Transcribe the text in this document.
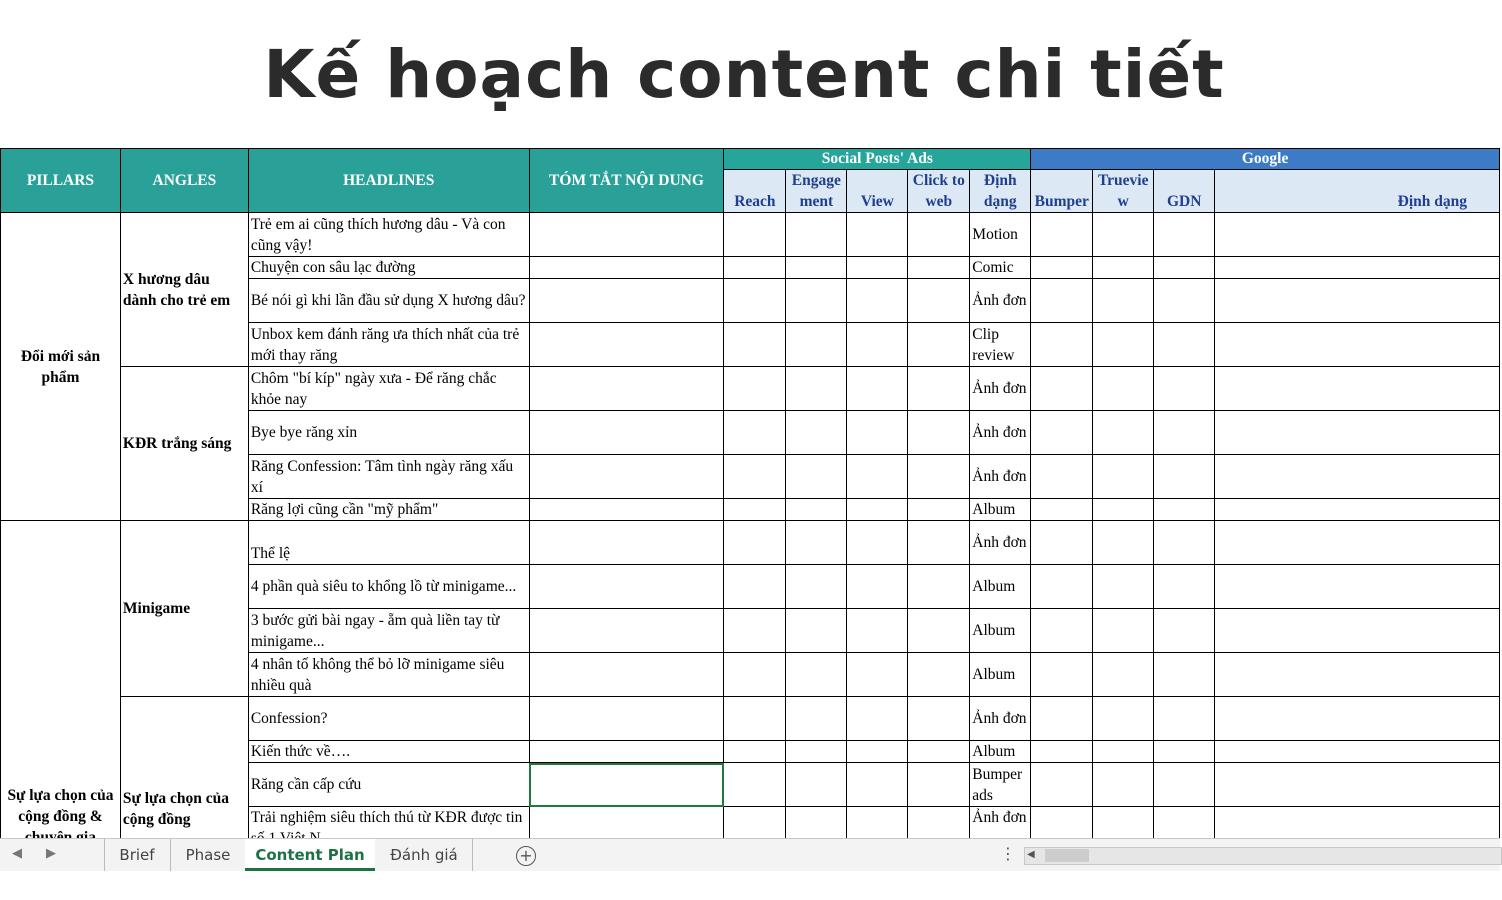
Kế hoạch content chi tiết
PILLARS	ANGLES	HEADLINES	TÓM TẮT NỘI DUNG	Social Posts' Ads					Google			
				Reach	Engage ment	View	Click to web	Định dạng	Bumper	Truevie w	GDN	Định dạng
Đổi mới sản phẩm	X hương dâu dành cho trẻ em	Trẻ em ai cũng thích hương dâu - Và con cũng vậy!						Motion				
		Chuyện con sâu lạc đường						Comic				
		Bé nói gì khi lần đầu sử dụng X hương dâu?						Ảnh đơn				
		Unbox kem đánh răng ưa thích nhất của trẻ mới thay răng						Clip review				
	KĐR trắng sáng	Chôm "bí kíp" ngày xưa - Để răng chắc khỏe nay						Ảnh đơn				
		Bye bye răng xỉn						Ảnh đơn				
		Răng Confession: Tâm tình ngày răng xấu xí						Ảnh đơn				
		Răng lợi cũng cần "mỹ phẩm"						Album				
Sự lựa chọn của cộng đồng &	Minigame	Thể lệ						Ảnh đơn				
		4 phần quà siêu to khổng lồ từ minigame...						Album				
		3 bước gửi bài ngay - ẵm quà liền tay từ minigame...						Album				
		4 nhân tố không thể bỏ lỡ minigame siêu nhiều quà						Album				
	Sự lựa chọn của cộng đồng	Confession?						Ảnh đơn				
		Kiến thức về….						Album				
		Răng cần cấp cứu						Bumper ads				
		Trải nghiệm siêu thích thú từ KĐR được tin						Ảnh đơn				
◀ ▶	Brief	Phase	Content Plan	Đánh giá	+	⋮ ◀
